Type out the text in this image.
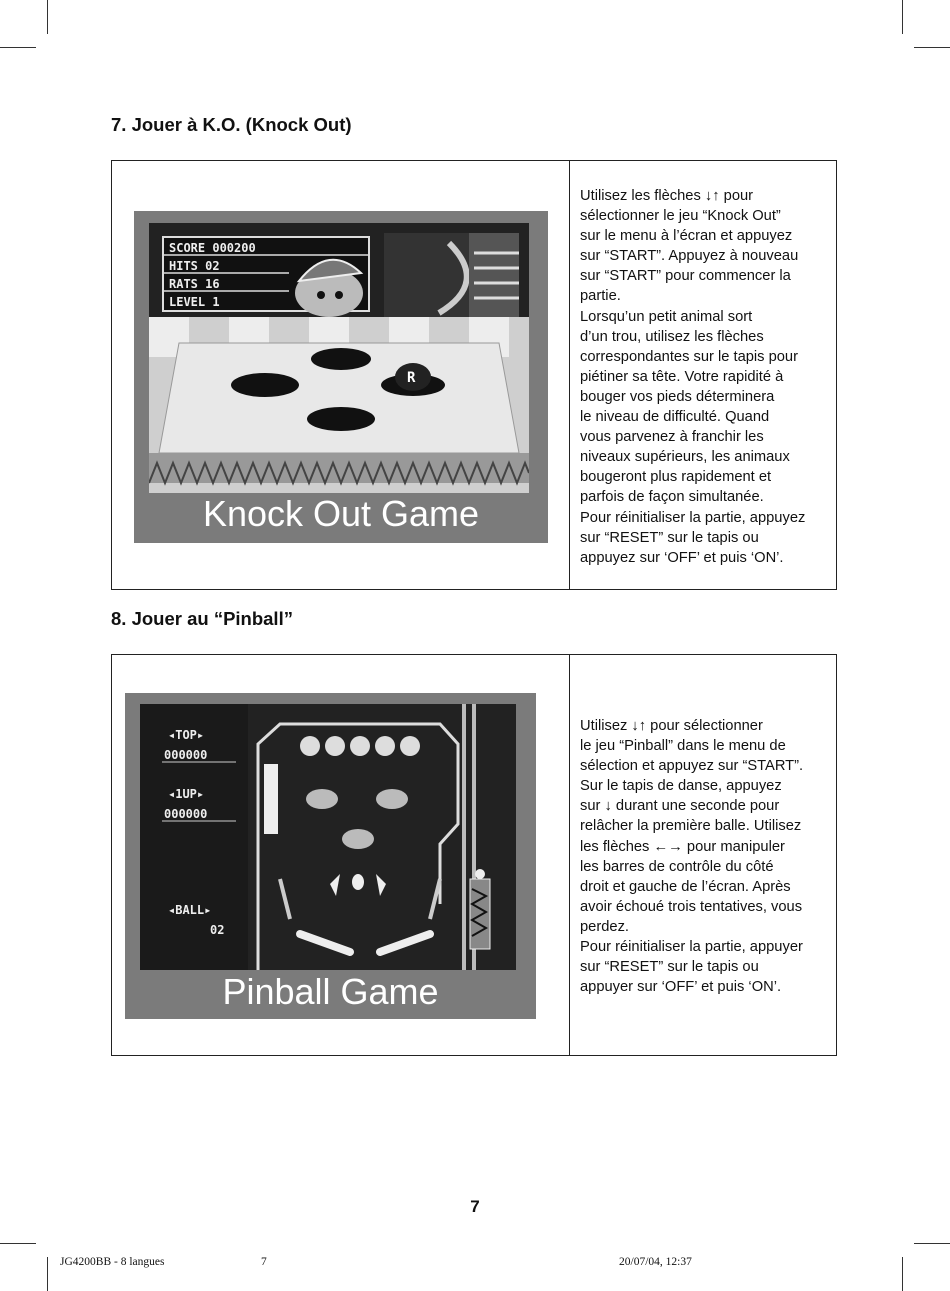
7. Jouer à K.O. (Knock Out)
SCORE 000200
HITS 02
RATS 16
LEVEL 1
R
Knock Out Game

Utilisez les flèches ↓↑ pour
sélectionner le jeu “Knock Out”
sur le menu à l’écran et appuyez
sur “START”. Appuyez à nouveau
sur “START” pour commencer la
partie.

Lorsqu’un petit animal sort
d’un trou, utilisez les flèches
correspondantes sur le tapis pour
piétiner sa tête. Votre rapidité à
bouger vos pieds déterminera
le niveau de difficulté. Quand
vous parvenez à franchir les
niveaux supérieurs, les animaux
bougeront plus rapidement et
parfois de façon simultanée.

Pour réinitialiser la partie, appuyez
sur “RESET” sur le tapis ou
appuyez sur ‘OFF’ et puis ‘ON’.

8. Jouer au “Pinball”
◂TOP▸
000000
◂1UP▸
000000
◂BALL▸
02
Pinball Game

Utilisez ↓↑ pour sélectionner
le jeu “Pinball” dans le menu de
sélection et appuyez sur “START”.
Sur le tapis de danse, appuyez
sur ↓ durant une seconde pour
relâcher la première balle. Utilisez
les flèches ←→ pour manipuler
les barres de contrôle du côté
droit et gauche de l’écran. Après
avoir échoué trois tentatives, vous
perdez.

Pour réinitialiser la partie, appuyer
sur “RESET” sur le tapis ou
appuyer sur ‘OFF’ et puis ‘ON’.

7
JG4200BB - 8 langues	7	20/07/04, 12:37
